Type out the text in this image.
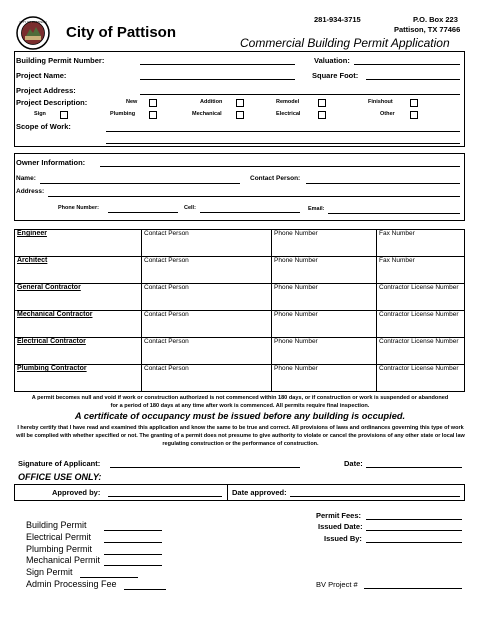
CITY OF PATTISON
City of Pattison
281-934-3715	P.O. Box 223
Pattison, TX 77466
Commercial Building Permit Application
Building Permit Number:	Valuation:
Project Name:	Square Foot:
Project Address:
Project Description:	New	Addition	Remodel	Finishout
Sign	Plumbing	Mechanical	Electrical	Other
Scope of Work:
Owner Information:
Name:	Contact Person:
Address:
Phone Number:	Cell:	Email:
Engineer	Contact Person	Phone Number	Fax Number
Architect	Contact Person	Phone Number	Fax Number
General Contractor	Contact Person	Phone Number	Contractor License Number
Mechanical Contractor	Contact Person	Phone Number	Contractor License Number
Electrical Contractor	Contact Person	Phone Number	Contractor License Number
Plumbing Contractor	Contact Person	Phone Number	Contractor License Number
A permit becomes null and void if work or construction authorized is not commenced within 180 days, or if construction or work is suspended or abandoned for a period of 180 days at any time after work is commenced. All permits require final inspection.
A certificate of occupancy must be issued before any building is occupied.
I hereby certify that I have read and examined this application and know the same to be true and correct. All provisions of laws and ordinances governing this type of work will be complied with whether specified or not. The granting of a permit does not presume to give authority to violate or cancel the provisions of any other state or local law regulating construction or the performance of construction.
Signature of Applicant:	Date:
OFFICE USE ONLY:
Approved by:	Date approved:
Building Permit
Electrical Permit
Plumbing Permit
Mechanical Permit
Sign Permit
Admin Processing Fee
Permit Fees:
Issued Date:
Issued By:
BV Project #
